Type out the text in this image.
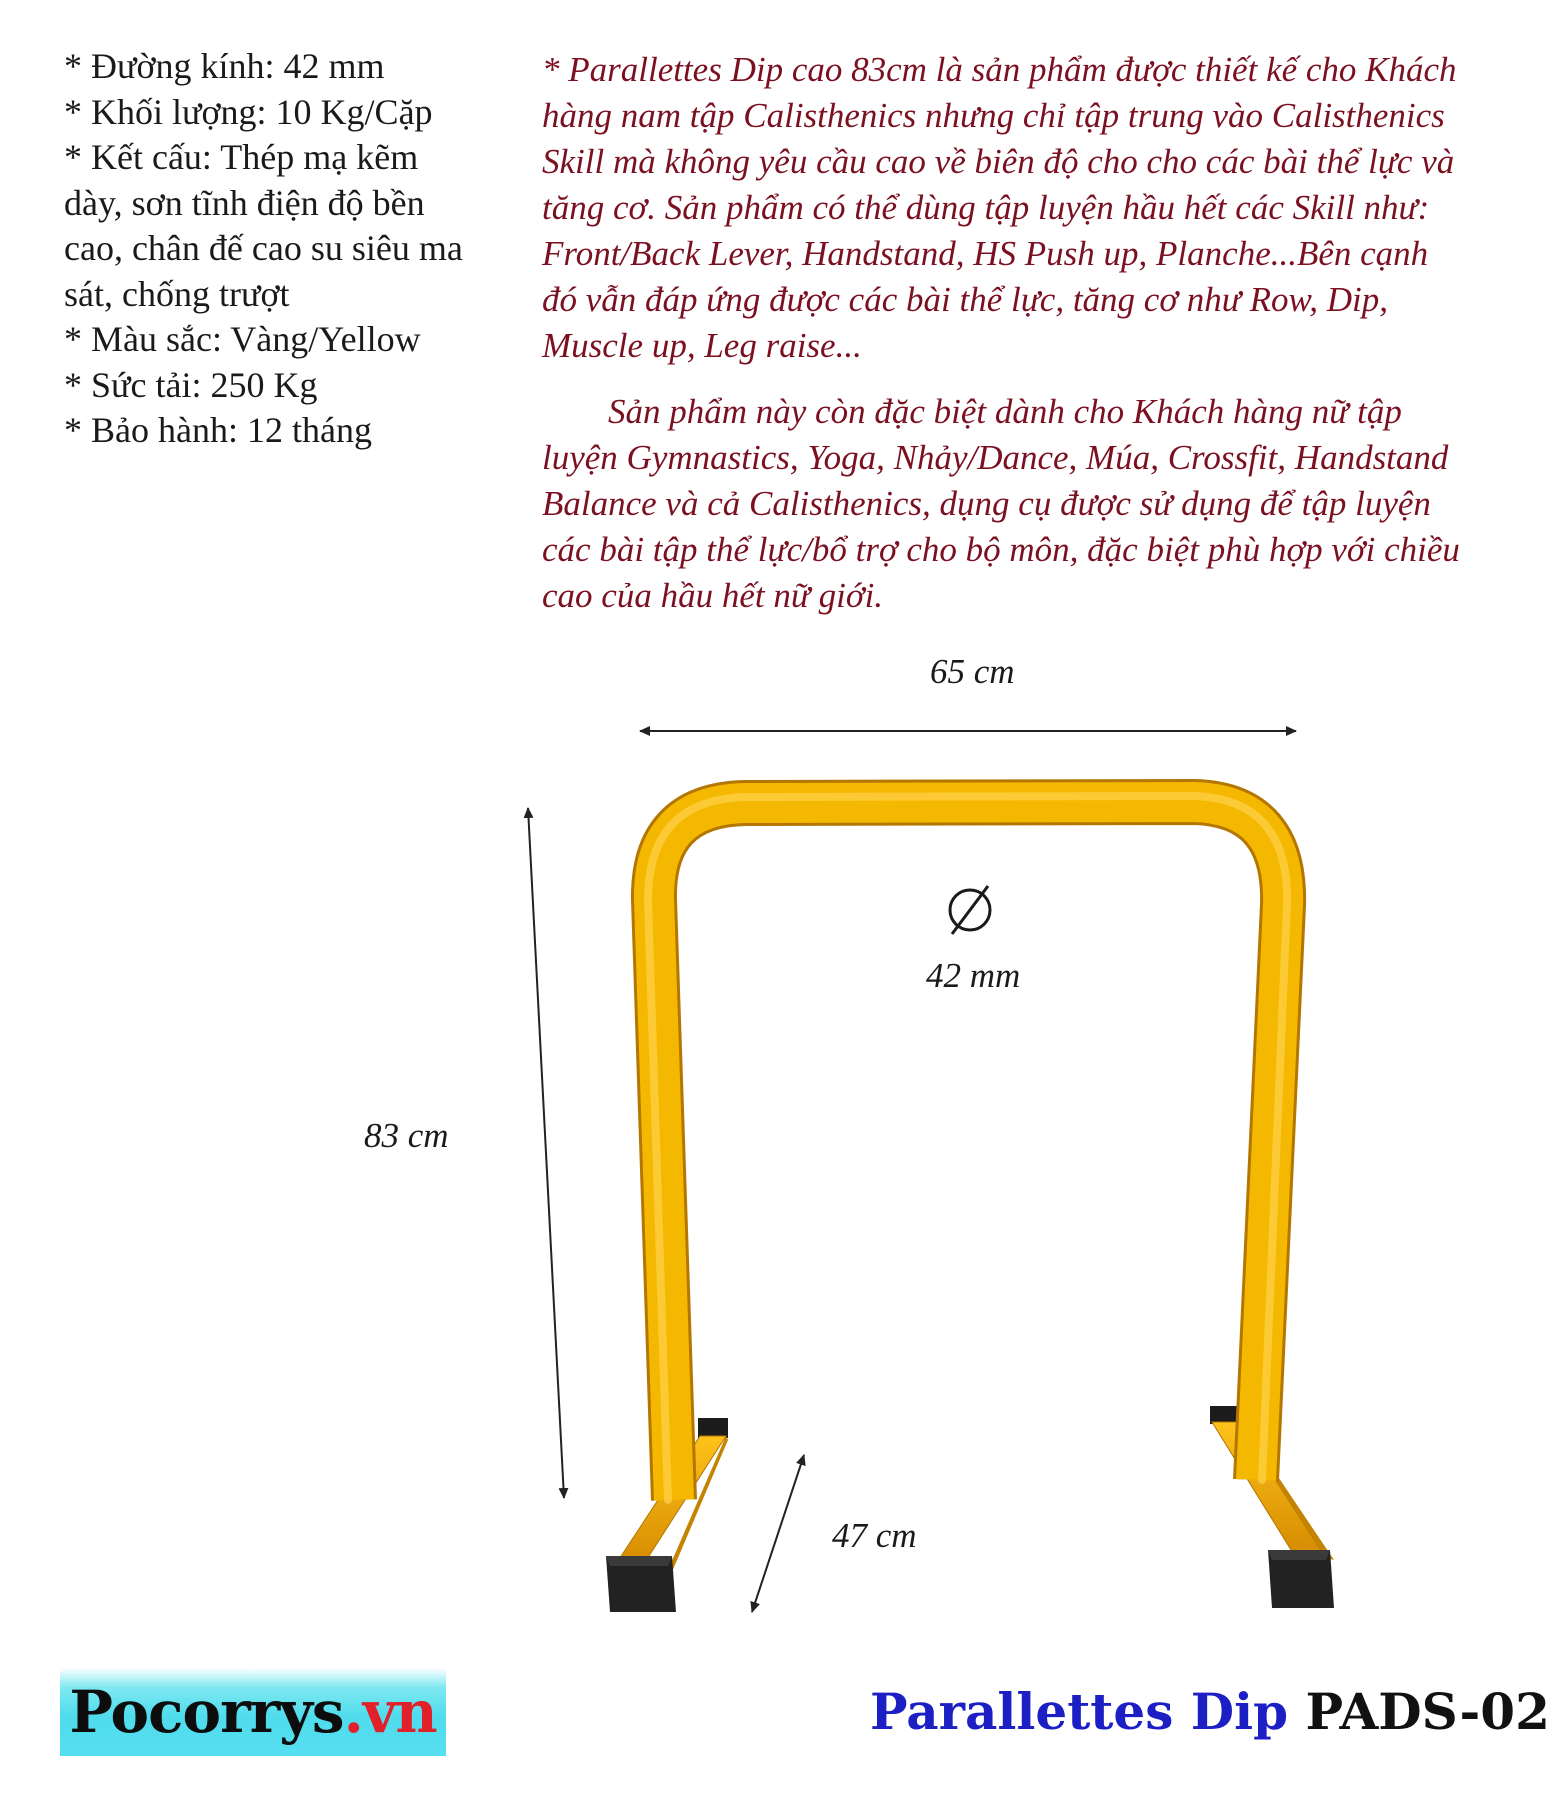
* Đường kính: 42 mm
* Khối lượng: 10 Kg/Cặp
* Kết cấu: Thép mạ kẽm dày, sơn tĩnh điện độ bền cao, chân đế cao su siêu ma sát, chống trượt
* Màu sắc: Vàng/Yellow
* Sức tải: 250 Kg
* Bảo hành: 12 tháng

* Parallettes Dip cao 83cm là sản phẩm được thiết kế cho Khách hàng nam tập Calisthenics nhưng chỉ tập trung vào Calisthenics Skill mà không yêu cầu cao về biên độ cho cho các bài thể lực và tăng cơ. Sản phẩm có thể dùng tập luyện hầu hết các Skill như: Front/Back Lever, Handstand, HS Push up, Planche...Bên cạnh đó vẫn đáp ứng được các bài thể lực, tăng cơ như Row, Dip, Muscle up, Leg raise...

Sản phẩm này còn đặc biệt dành cho Khách hàng nữ tập luyện Gymnastics, Yoga, Nhảy/Dance, Múa, Crossfit, Handstand Balance và cả Calisthenics, dụng cụ được sử dụng để tập luyện các bài tập thể lực/bổ trợ cho bộ môn, đặc biệt phù hợp với chiều cao của hầu hết nữ giới.

65 cm
83 cm
47 cm
42 mm
Pocorrys.vn	Parallettes Dip PADS-02
